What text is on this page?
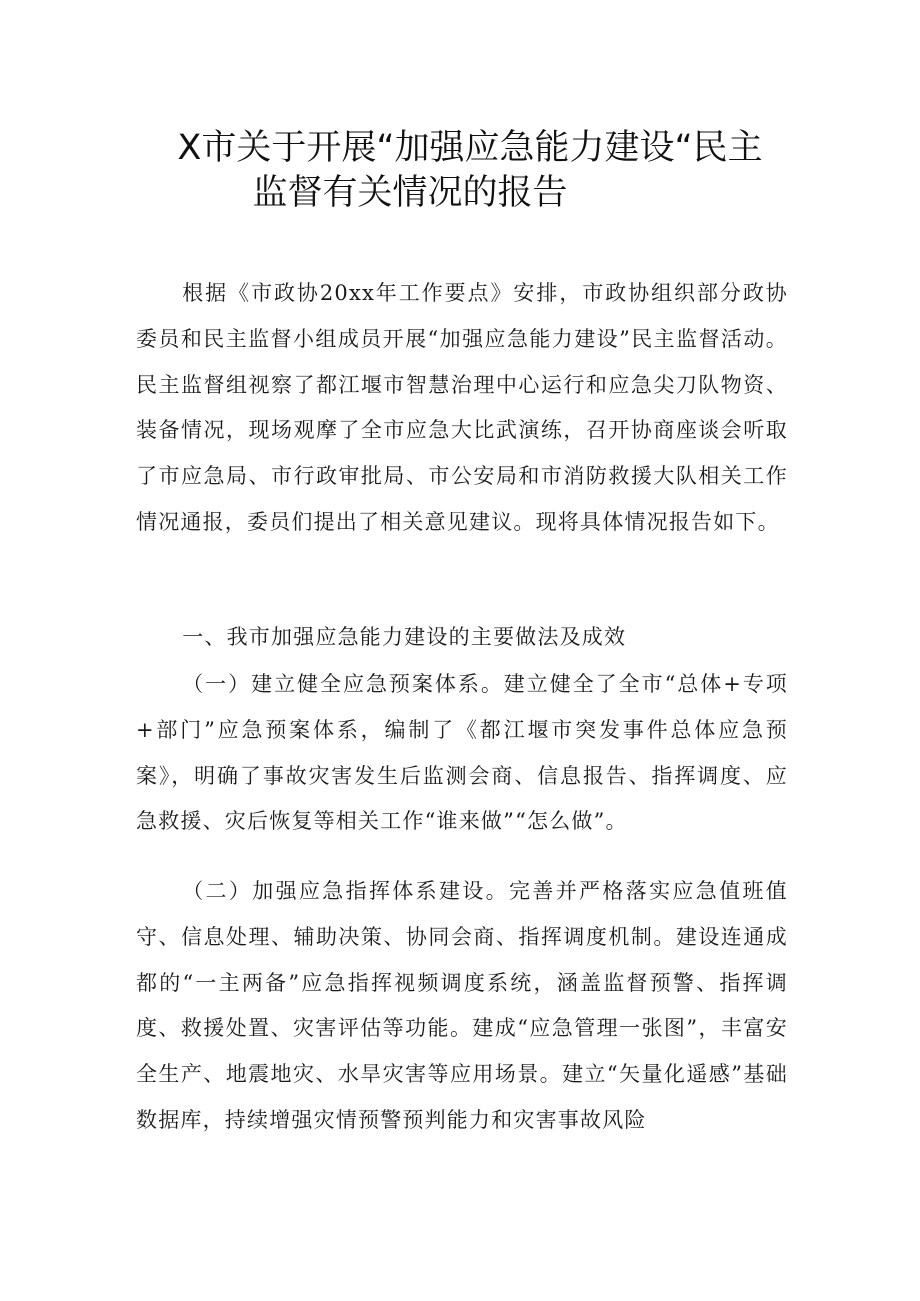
X市关于开展“加强应急能力建设“民主
监督有关情况的报告

根据《市政协20xx年工作要点》安排，市政协组织部分政协委员和民主监督小组成员开展“加强应急能力建设”民主监督活动。民主监督组视察了都江堰市智慧治理中心运行和应急尖刀队物资、装备情况，现场观摩了全市应急大比武演练，召开协商座谈会听取了市应急局、市行政审批局、市公安局和市消防救援大队相关工作情况通报，委员们提出了相关意见建议。现将具体情况报告如下。

一、我市加强应急能力建设的主要做法及成效

（一）建立健全应急预案体系。建立健全了全市“总体+专项+部门”应急预案体系，编制了《都江堰市突发事件总体应急预案》，明确了事故灾害发生后监测会商、信息报告、指挥调度、应急救援、灾后恢复等相关工作“谁来做”“怎么做”。

（二）加强应急指挥体系建设。完善并严格落实应急值班值守、信息处理、辅助决策、协同会商、指挥调度机制。建设连通成都的“一主两备”应急指挥视频调度系统，涵盖监督预警、指挥调度、救援处置、灾害评估等功能。建成“应急管理一张图”，丰富安全生产、地震地灾、水旱灾害等应用场景。建立“矢量化遥感”基础数据库，持续增强灾情预警预判能力和灾害事故风险
